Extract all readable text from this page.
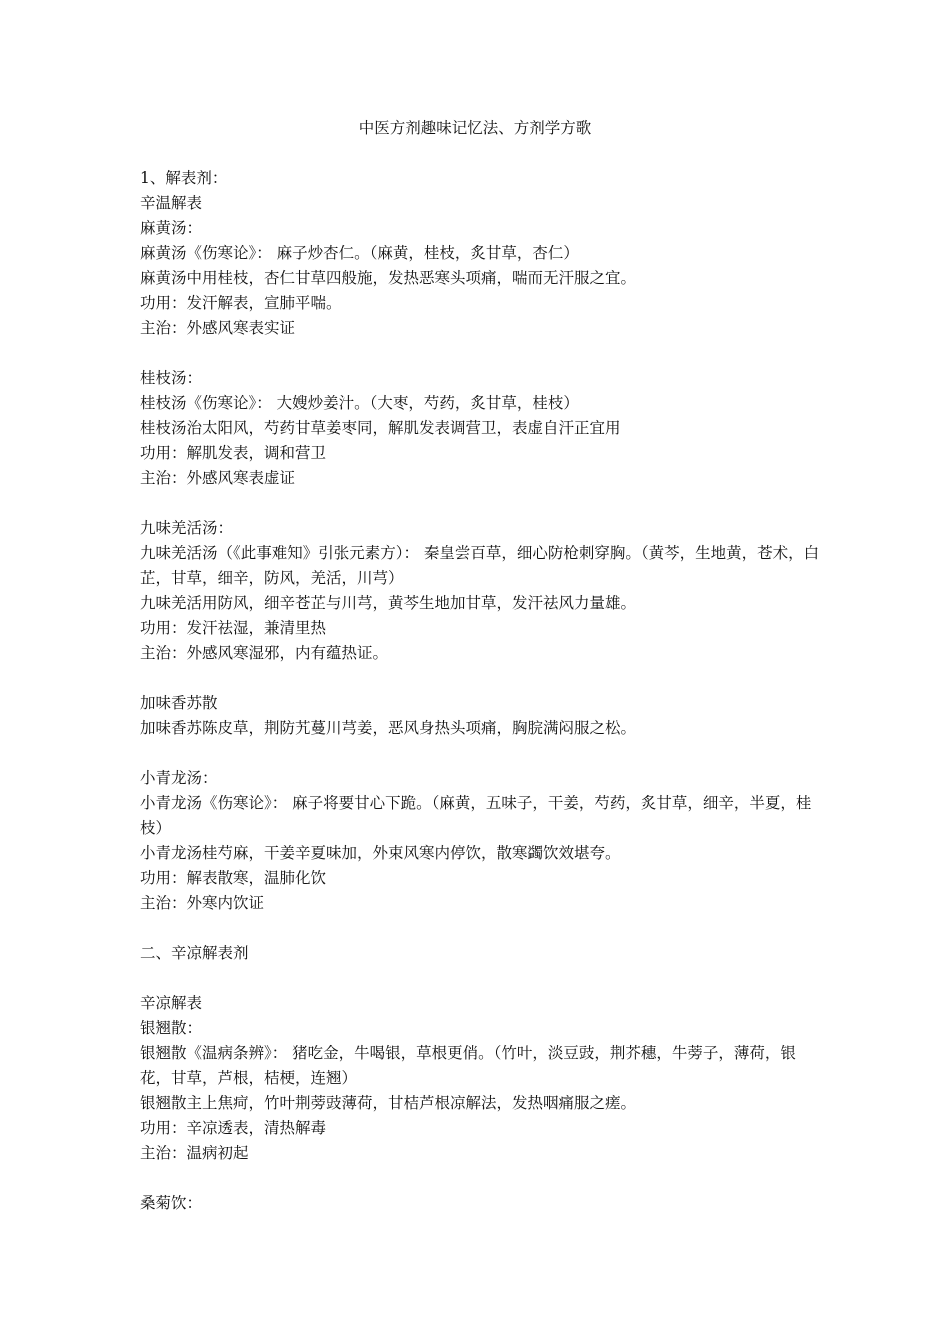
中医方剂趣味记忆法、方剂学方歌
1、解表剂：
辛温解表
麻黄汤：
麻黄汤《伤寒论》： 麻子炒杏仁。（麻黄，桂枝，炙甘草，杏仁）
麻黄汤中用桂枝，杏仁甘草四般施，发热恶寒头项痛，喘而无汗服之宜。
功用：发汗解表，宣肺平喘。
主治：外感风寒表实证
桂枝汤：
桂枝汤《伤寒论》： 大嫂炒姜汁。（大枣，芍药，炙甘草，桂枝）
桂枝汤治太阳风，芍药甘草姜枣同，解肌发表调营卫，表虚自汗正宜用
功用：解肌发表，调和营卫
主治：外感风寒表虚证
九味羌活汤：
九味羌活汤（《此事难知》引张元素方）： 秦皇尝百草，细心防枪刺穿胸。（黄芩，生地黄，苍术，白芷，甘草，细辛，防风，羌活，川芎）
九味羌活用防风，细辛苍芷与川芎，黄芩生地加甘草，发汗祛风力量雄。
功用：发汗祛湿，兼清里热
主治：外感风寒湿邪，内有蕴热证。
加味香苏散
加味香苏陈皮草，荆防艽蔓川芎姜，恶风身热头项痛，胸脘满闷服之松。
小青龙汤：
小青龙汤《伤寒论》： 麻子将要甘心下跪。（麻黄，五味子，干姜，芍药，炙甘草，细辛，半夏，桂枝）
小青龙汤桂芍麻，干姜辛夏味加，外束风寒内停饮，散寒蠲饮效堪夸。
功用：解表散寒，温肺化饮
主治：外寒内饮证
二、辛凉解表剂
辛凉解表
银翘散：
银翘散《温病条辨》： 猪吃金，牛喝银，草根更俏。（竹叶，淡豆豉，荆芥穗，牛蒡子，薄荷，银花，甘草，芦根，桔梗，连翘）
银翘散主上焦疴，竹叶荆蒡豉薄荷，甘桔芦根凉解法，发热咽痛服之瘥。
功用：辛凉透表，清热解毒
主治：温病初起
桑菊饮：
